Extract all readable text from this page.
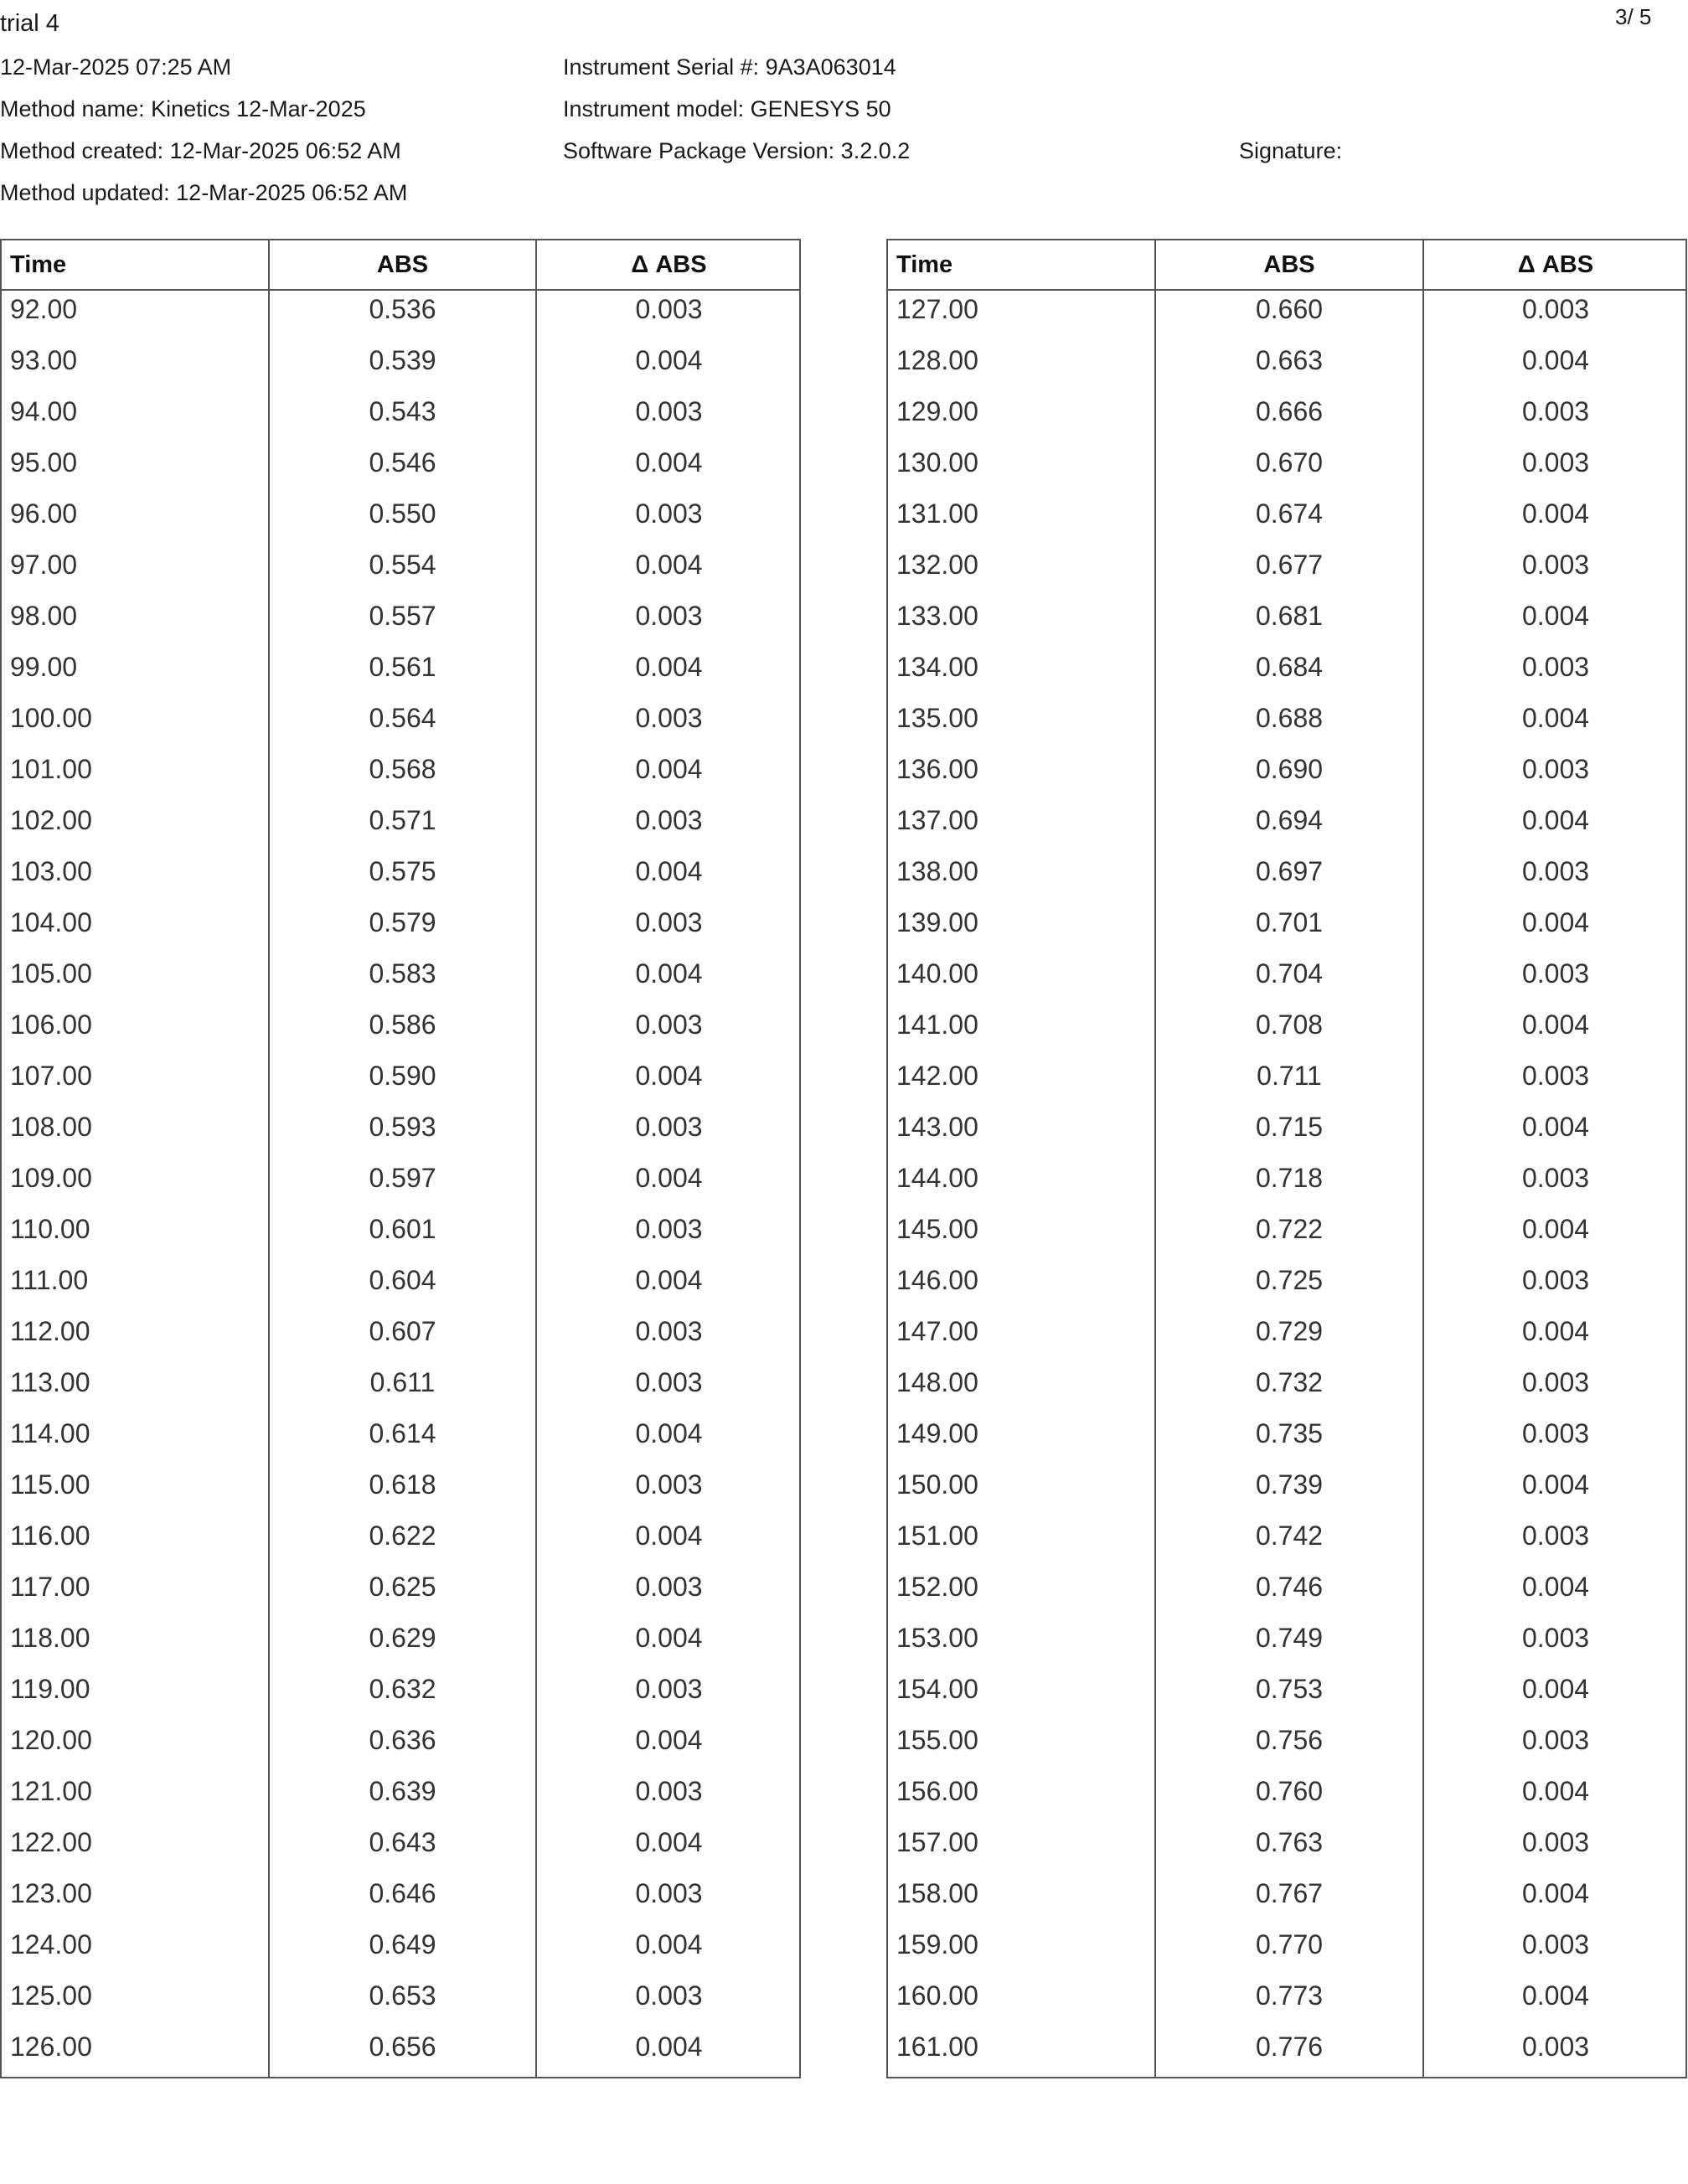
trial 4	3/ 5
12-Mar-2025 07:25 AM
Method name: Kinetics 12-Mar-2025
Method created: 12-Mar-2025 06:52 AM
Method updated: 12-Mar-2025 06:52 AM
Instrument Serial #: 9A3A063014
Instrument model: GENESYS 50
Software Package Version: 3.2.0.2	Signature:
Time	ABS	Δ ABS
92.00	0.536	0.003
93.00	0.539	0.004
94.00	0.543	0.003
95.00	0.546	0.004
96.00	0.550	0.003
97.00	0.554	0.004
98.00	0.557	0.003
99.00	0.561	0.004
100.00	0.564	0.003
101.00	0.568	0.004
102.00	0.571	0.003
103.00	0.575	0.004
104.00	0.579	0.003
105.00	0.583	0.004
106.00	0.586	0.003
107.00	0.590	0.004
108.00	0.593	0.003
109.00	0.597	0.004
110.00	0.601	0.003
111.00	0.604	0.004
112.00	0.607	0.003
113.00	0.611	0.003
114.00	0.614	0.004
115.00	0.618	0.003
116.00	0.622	0.004
117.00	0.625	0.003
118.00	0.629	0.004
119.00	0.632	0.003
120.00	0.636	0.004
121.00	0.639	0.003
122.00	0.643	0.004
123.00	0.646	0.003
124.00	0.649	0.004
125.00	0.653	0.003
126.00	0.656	0.004
Time	ABS	Δ ABS
127.00	0.660	0.003
128.00	0.663	0.004
129.00	0.666	0.003
130.00	0.670	0.003
131.00	0.674	0.004
132.00	0.677	0.003
133.00	0.681	0.004
134.00	0.684	0.003
135.00	0.688	0.004
136.00	0.690	0.003
137.00	0.694	0.004
138.00	0.697	0.003
139.00	0.701	0.004
140.00	0.704	0.003
141.00	0.708	0.004
142.00	0.711	0.003
143.00	0.715	0.004
144.00	0.718	0.003
145.00	0.722	0.004
146.00	0.725	0.003
147.00	0.729	0.004
148.00	0.732	0.003
149.00	0.735	0.003
150.00	0.739	0.004
151.00	0.742	0.003
152.00	0.746	0.004
153.00	0.749	0.003
154.00	0.753	0.004
155.00	0.756	0.003
156.00	0.760	0.004
157.00	0.763	0.003
158.00	0.767	0.004
159.00	0.770	0.003
160.00	0.773	0.004
161.00	0.776	0.003
